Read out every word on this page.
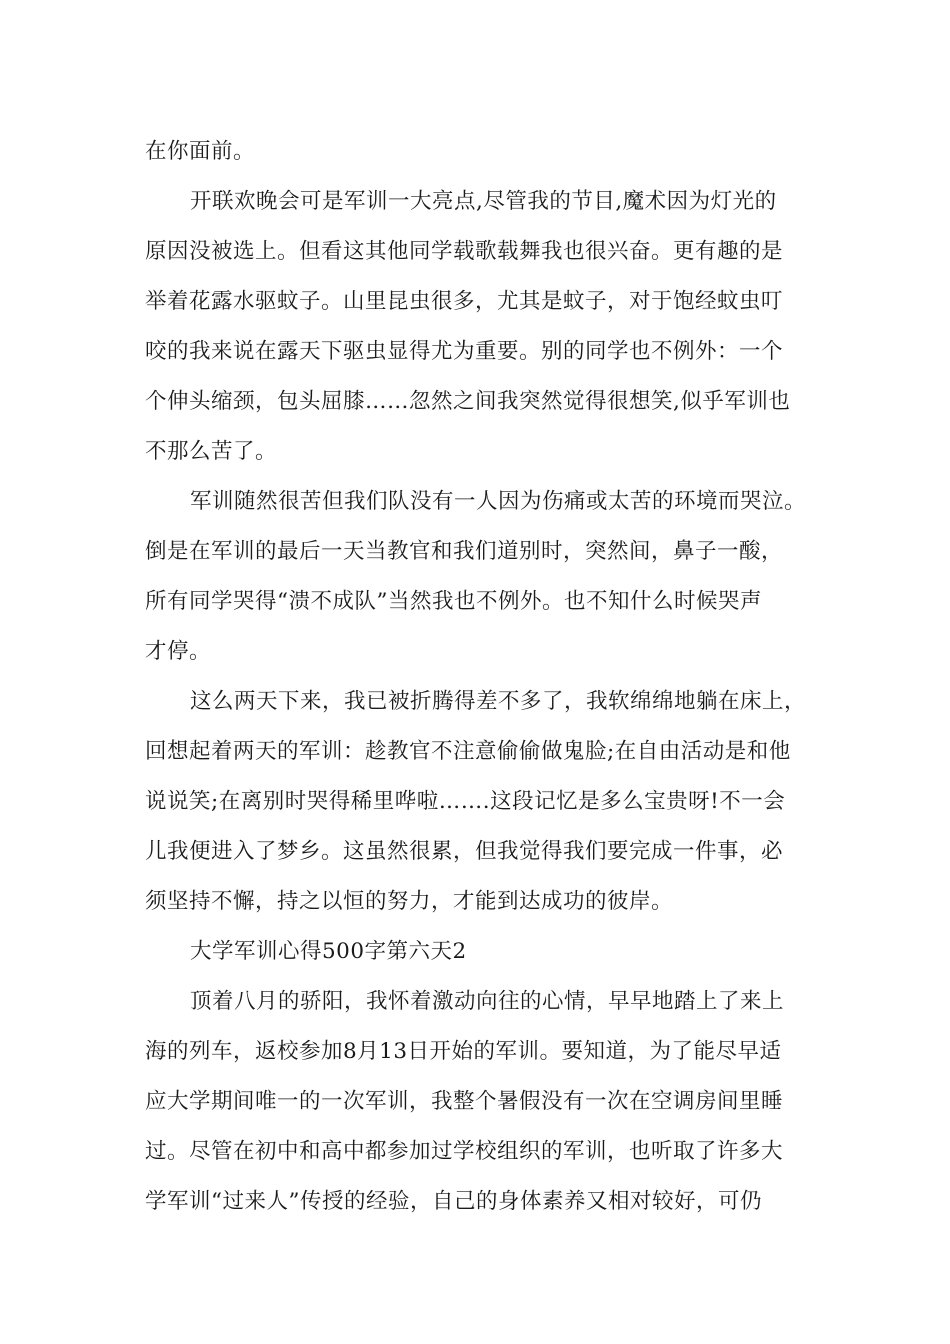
在你面前。
开联欢晚会可是军训一大亮点,尽管我的节目,魔术因为灯光的
原因没被选上。但看这其他同学载歌载舞我也很兴奋。更有趣的是
举着花露水驱蚊子。山里昆虫很多，尤其是蚊子，对于饱经蚊虫叮
咬的我来说在露天下驱虫显得尤为重要。别的同学也不例外：一个
个伸头缩颈，包头屈膝……忽然之间我突然觉得很想笑,似乎军训也
不那么苦了。
军训随然很苦但我们队没有一人因为伤痛或太苦的环境而哭泣。
倒是在军训的最后一天当教官和我们道别时，突然间，鼻子一酸，
所有同学哭得“溃不成队”当然我也不例外。也不知什么时候哭声
才停。
这么两天下来，我已被折腾得差不多了，我软绵绵地躺在床上，
回想起着两天的军训：趁教官不注意偷偷做鬼脸;在自由活动是和他
说说笑;在离别时哭得稀里哗啦…….这段记忆是多么宝贵呀!不一会
儿我便进入了梦乡。这虽然很累，但我觉得我们要完成一件事，必
须坚持不懈，持之以恒的努力，才能到达成功的彼岸。
大学军训心得500字第六天2
顶着八月的骄阳，我怀着激动向往的心情，早早地踏上了来上
海的列车，返校参加8月13日开始的军训。要知道，为了能尽早适
应大学期间唯一的一次军训，我整个暑假没有一次在空调房间里睡
过。尽管在初中和高中都参加过学校组织的军训，也听取了许多大
学军训“过来人”传授的经验，自己的身体素养又相对较好，可仍
